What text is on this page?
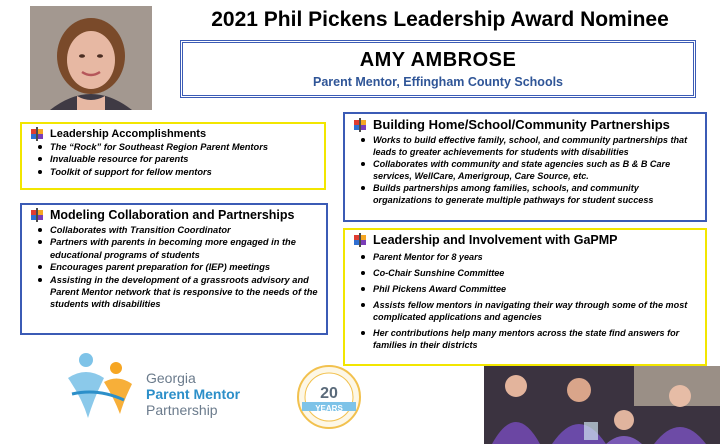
2021 Phil Pickens Leadership Award Nominee
AMY AMBROSE
Parent Mentor, Effingham County Schools
Leadership Accomplishments
The “Rock” for Southeast Region Parent Mentors
Invaluable resource for parents
Toolkit of support for fellow mentors
Modeling Collaboration and Partnerships
Collaborates with Transition Coordinator
Partners with parents in becoming more engaged in the educational programs of students
Encourages parent preparation for (IEP) meetings
Assisting in the development of a grassroots advisory and Parent Mentor network that is responsive to the needs of the students with disabilities
Building Home/School/Community Partnerships
Works to build effective family, school, and community partnerships that leads to greater achievements for students with disabilities
Collaborates with community and state agencies such as B & B Care services, WellCare, Amerigroup, Care Source, etc.
Builds partnerships among families, schools, and community organizations to generate multiple pathways for student success
Leadership and Involvement with GaPMP
Parent Mentor for 8 years
Co-Chair Sunshine Committee
Phil Pickens Award Committee
Assists fellow mentors in navigating their way through some of the most complicated applications and agencies
Her contributions help many mentors across the state find answers for families in their districts
Georgia
Parent Mentor
Partnership
20
YEARS
